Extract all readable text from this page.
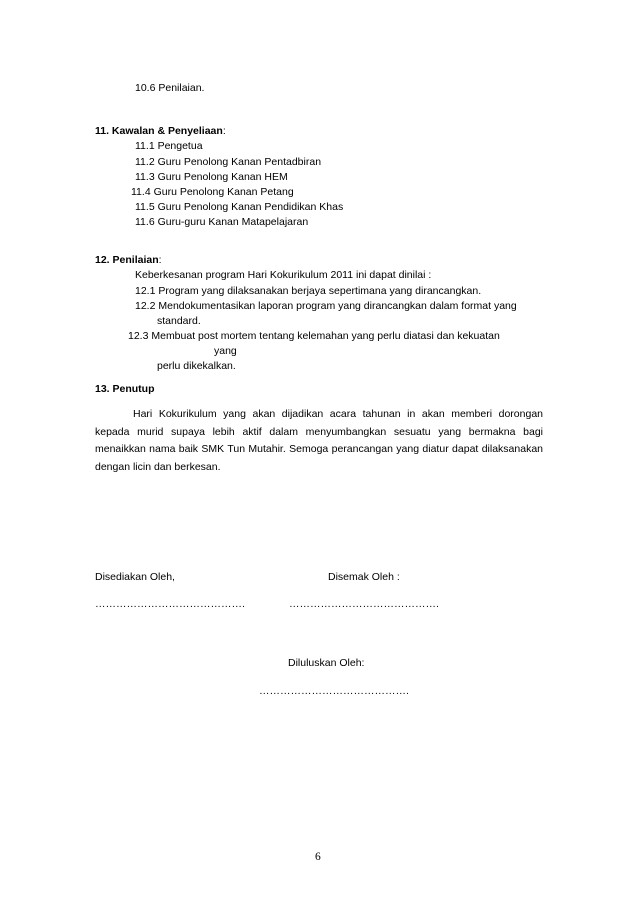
10.6 Penilaian.
11. Kawalan & Penyeliaan:
11.1 Pengetua
11.2 Guru Penolong Kanan Pentadbiran
11.3 Guru Penolong Kanan HEM
11.4 Guru Penolong Kanan Petang
11.5 Guru Penolong Kanan Pendidikan Khas
11.6 Guru-guru Kanan Matapelajaran
12. Penilaian:
Keberkesanan program Hari Kokurikulum 2011 ini dapat dinilai :
12.1 Program yang dilaksanakan berjaya sepertimana yang dirancangkan.
12.2 Mendokumentasikan laporan program yang dirancangkan dalam format yang
standard.
12.3 Membuat post mortem tentang kelemahan yang perlu diatasi dan kekuatan
yang
perlu dikekalkan.
13. Penutup
Hari Kokurikulum yang akan dijadikan acara tahunan in akan memberi dorongan kepada murid supaya lebih aktif dalam menyumbangkan sesuatu yang bermakna bagi menaikkan nama baik SMK Tun Mutahir. Semoga perancangan yang diatur dapat dilaksanakan dengan licin dan berkesan.
Disediakan Oleh,	Disemak Oleh :
…………………………………….	…………………………………….
Diluluskan Oleh:
…………………………………….
6
